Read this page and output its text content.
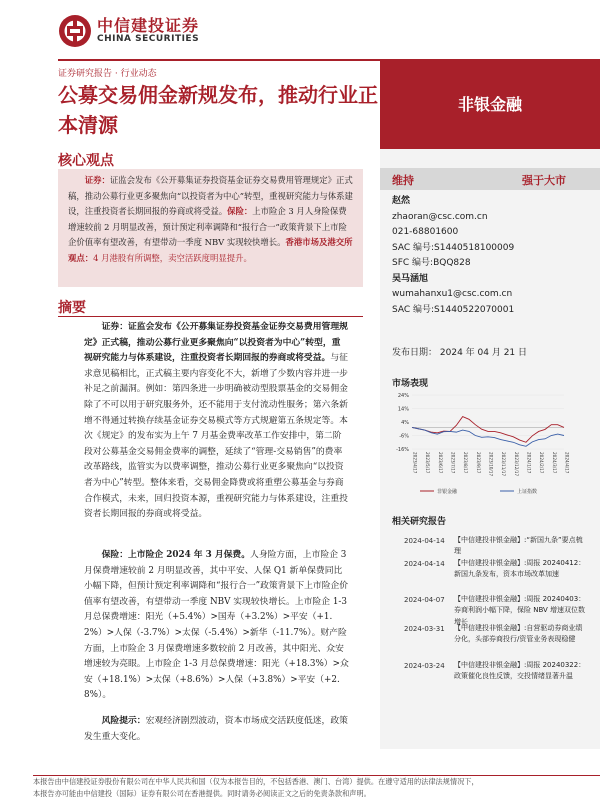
中信建投证券
CHINA SECURITIES
证券研究报告 · 行业动态
公募交易佣金新规发布，推动行业正本清源
非银金融
核心观点

证券：证监会发布《公开募集证券投资基金证券交易费用管理规定》正式稿，推动公募行业更多聚焦向“以投资者为中心”转型，重视研究能力与体系建设，注重投资者长期回报的券商或将受益。保险：上市险企 3 月人身险保费增速较前 2 月明显改善，预计预定利率调降和“报行合一”政策背景下上市险企价值率有望改善，有望带动一季度 NBV 实现较快增长。香港市场及港交所观点：4 月港股有所调整，卖空活跃度明显提升。

摘要

证券：证监会发布《公开募集证券投资基金证券交易费用管理规定》正式稿，推动公募行业更多聚焦向“以投资者为中心”转型，重视研究能力与体系建设，注重投资者长期回报的券商或将受益。与征求意见稿相比，正式稿主要内容变化不大，新增了少数内容并进一步补足之前漏洞。例如：第四条进一步明确被动型股票基金的交易佣金除了不可以用于研究服务外，还不能用于支付流动性服务；第六条新增不得通过转换存续基金证券交易模式等方式规避第五条规定等。本次《规定》的发布实为上午 7 月基金费率改革工作安排中，第二阶段对公募基金交易佣金费率的调整，延续了“管理-交易销售”的费率改革路线，监管实为以费率调整，推动公募行业更多聚焦向“以投资者为中心”转型。整体来看，交易佣金降费或将重塑公募基金与券商合作模式，未来，回归投资本源，重视研究能力与体系建设，注重投资者长期回报的券商或将受益。

保险：上市险企 2024 年 3 月保费。人身险方面，上市险企 3 月保费增速较前 2 月明显改善，其中平安、人保 Q1 新单保费同比小幅下降，但预计预定利率调降和“报行合一”政策背景下上市险企价值率有望改善，有望带动一季度 NBV 实现较快增长。上市险企 1-3 月总保费增速：阳光（+5.4%）>国寿（+3.2%）>平安（+1.2%）>人保（-3.7%）>太保（-5.4%）>新华（-11.7%）。财产险方面，上市险企 3 月保费增速多数较前 2 月改善，其中阳光、众安增速较为亮眼。上市险企 1-3 月总保费增速：阳光（+18.3%）>众安（+18.1%）>太保（+8.6%）>人保（+3.8%）>平安（+2.8%）。

风险提示：宏观经济剧烈波动，资本市场成交活跃度低迷，政策发生重大变化。

维持	强于大市
赵然
zhaoran@csc.com.cn
021-68801600
SAC 编号:S1440518100009
SFC 编号:BQQ828
吴马涵旭
wumahanxu1@csc.com.cn
SAC 编号:S1440522070001
发布日期： 2024 年 04 月 21 日
市场表现
24%
14%
4%
-6%
-16%
2023/4/17 2023/5/17 2023/6/17 2023/7/17 2023/8/17 2023/9/17 2023/10/17 2023/11/17 2023/12/17 2024/1/17 2024/2/17 2024/3/17 2024/4/17
非银金融	上证指数
相关研究报告
2024-04-14 【中信建投非银金融】:“新国九条”要点梳理

2024-04-14 【中信建投非银金融】:周报 20240412：新国九条发布，资本市场改革加速

2024-04-07 【中信建投非银金融】:周报 20240403：券商利润小幅下降，保险 NBV 增速双位数增长

2024-03-31 【中信建投非银金融】:自营驱动券商业绩分化，头部券商投行/资管业务表现稳健

2024-03-24 【中信建投非银金融】:周报 20240322：政策催化良性反馈，交投情绪显著升温

本报告由中信建投证券股份有限公司在中华人民共和国（仅为本报告目的，不包括香港、澳门、台湾）提供。在遵守适用的法律法规情况下，
本报告亦可能由中信建投（国际）证券有限公司在香港提供。同时请务必阅读正文之后的免责条款和声明。
